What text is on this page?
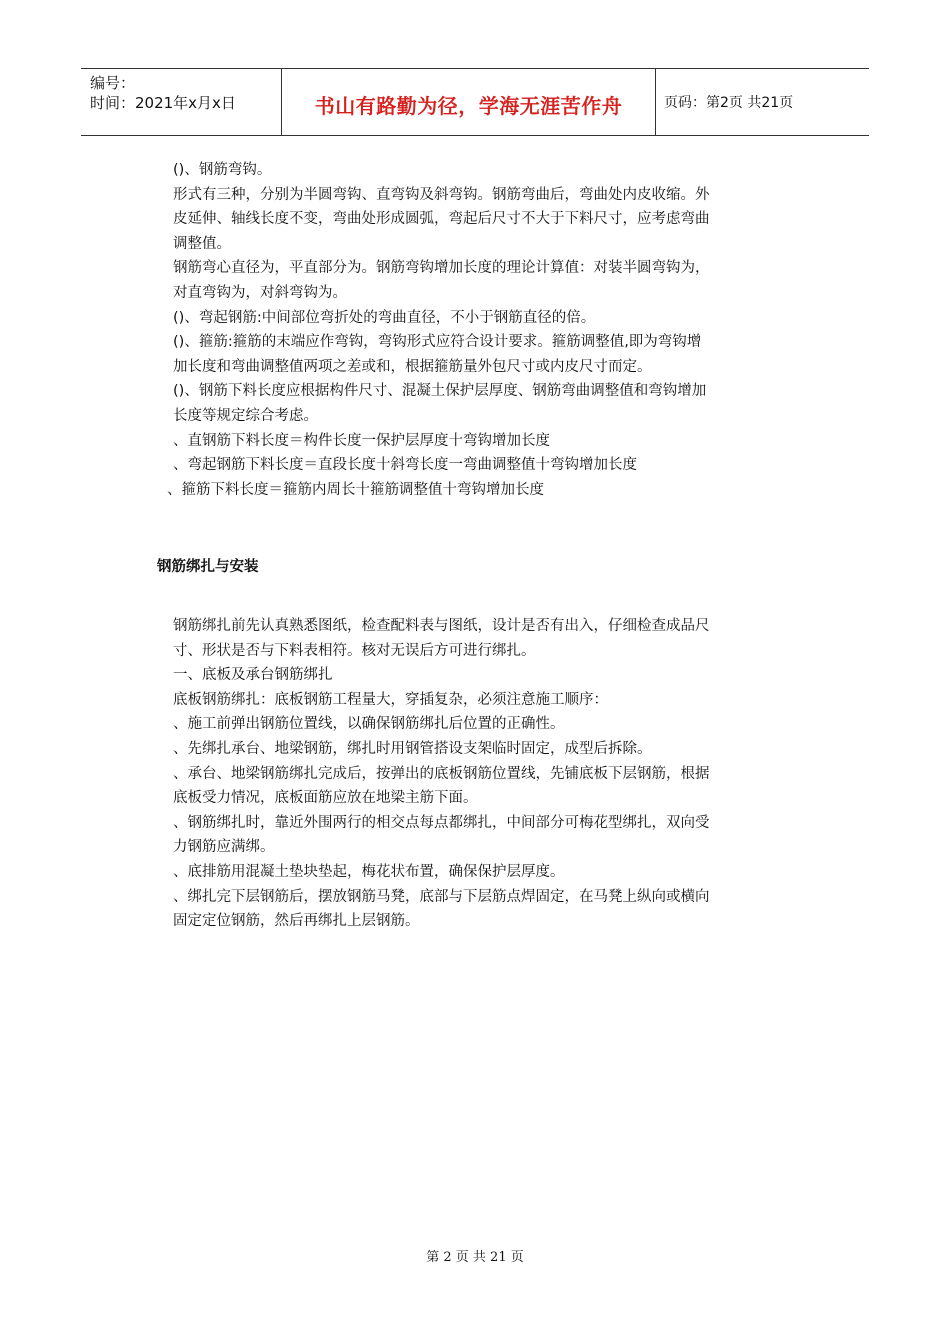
编号：
时间：2021年x月x日	书山有路勤为径，学海无涯苦作舟	页码：第2页 共21页
()、钢筋弯钩。
形式有三种，分别为半圆弯钩、直弯钩及斜弯钩。钢筋弯曲后，弯曲处内皮收缩。外
皮延伸、轴线长度不变，弯曲处形成圆弧，弯起后尺寸不大于下料尺寸，应考虑弯曲
调整值。
钢筋弯心直径为，平直部分为。钢筋弯钩增加长度的理论计算值：对装半圆弯钩为，
对直弯钩为，对斜弯钩为。
()、弯起钢筋:中间部位弯折处的弯曲直径，不小于钢筋直径的倍。
()、箍筋:箍筋的末端应作弯钩，弯钩形式应符合设计要求。箍筋调整值,即为弯钩增
加长度和弯曲调整值两项之差或和，根据箍筋量外包尺寸或内皮尺寸而定。
()、钢筋下料长度应根据构件尺寸、混凝土保护层厚度、钢筋弯曲调整值和弯钩增加
长度等规定综合考虑。
、直钢筋下料长度＝构件长度一保护层厚度十弯钩增加长度
、弯起钢筋下料长度＝直段长度十斜弯长度一弯曲调整值十弯钩增加长度
、箍筋下料长度＝箍筋内周长十箍筋调整值十弯钩增加长度
钢筋绑扎与安装
钢筋绑扎前先认真熟悉图纸，检查配料表与图纸，设计是否有出入，仔细检查成品尺
寸、形状是否与下料表相符。核对无误后方可进行绑扎。
一、底板及承台钢筋绑扎
底板钢筋绑扎：底板钢筋工程量大，穿插复杂，必须注意施工顺序：
、施工前弹出钢筋位置线，以确保钢筋绑扎后位置的正确性。
、先绑扎承台、地梁钢筋，绑扎时用钢管搭设支架临时固定，成型后拆除。
、承台、地梁钢筋绑扎完成后，按弹出的底板钢筋位置线，先铺底板下层钢筋，根据
底板受力情况，底板面筋应放在地梁主筋下面。
、钢筋绑扎时，靠近外围两行的相交点每点都绑扎，中间部分可梅花型绑扎，双向受
力钢筋应满绑。
、底排筋用混凝土垫块垫起，梅花状布置，确保保护层厚度。
、绑扎完下层钢筋后，摆放钢筋马凳，底部与下层筋点焊固定，在马凳上纵向或横向
固定定位钢筋，然后再绑扎上层钢筋。
第 2 页 共 21 页
